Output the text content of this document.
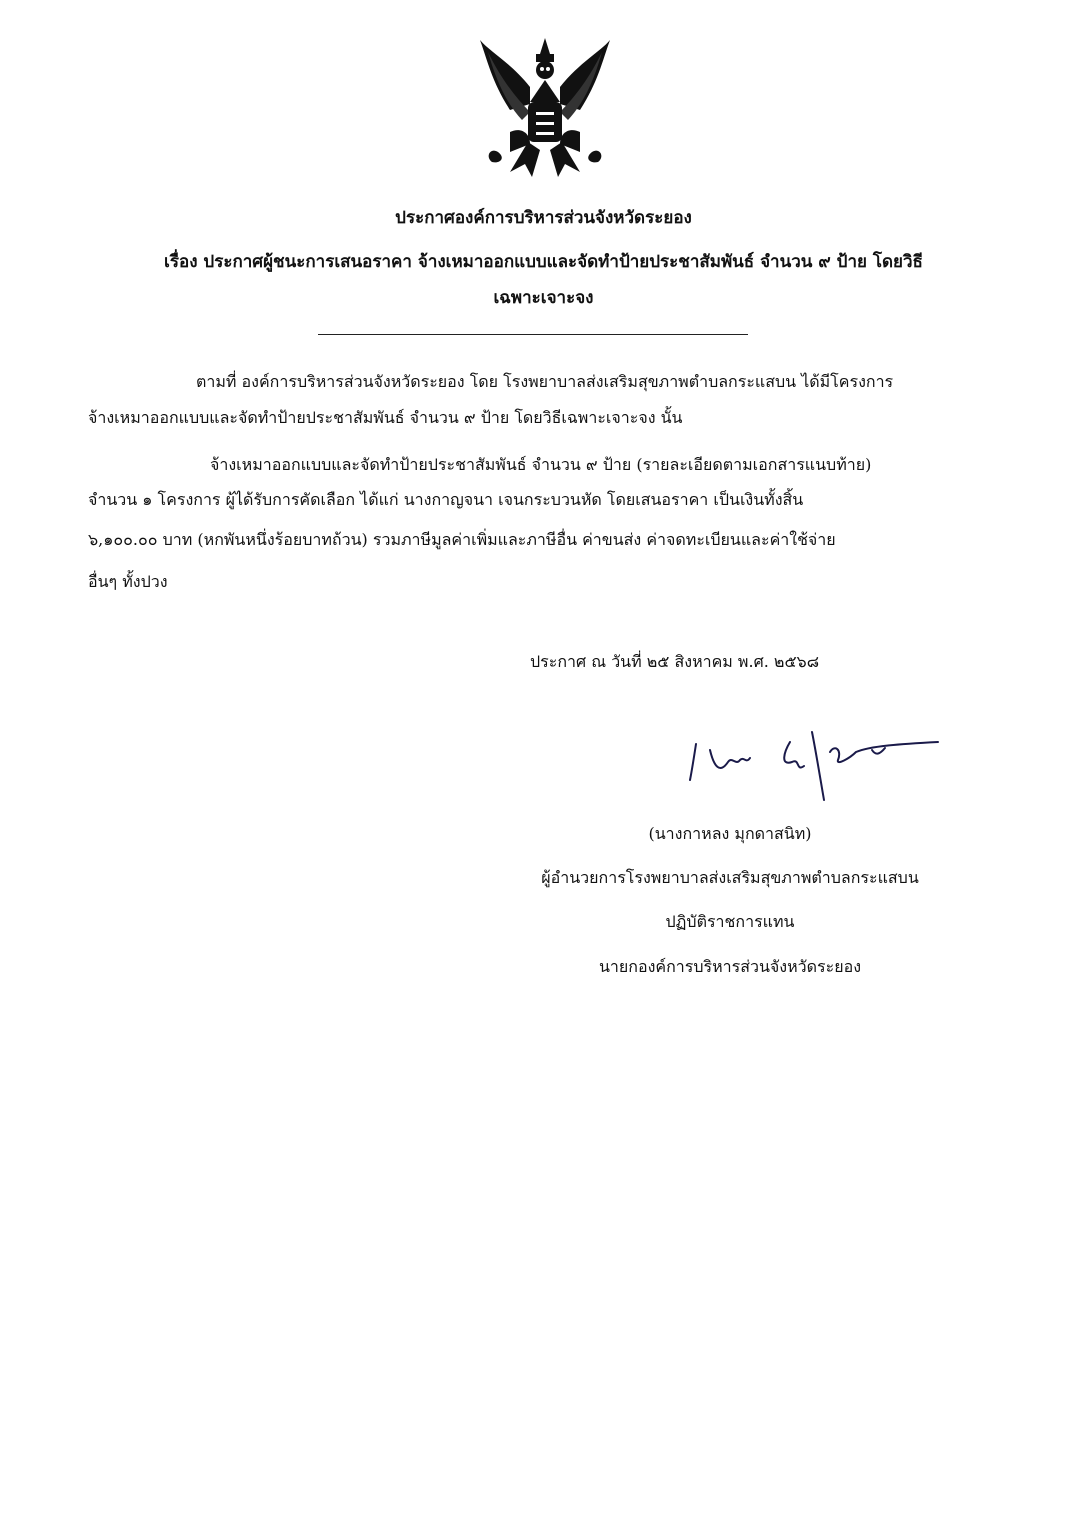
ประกาศองค์การบริหารส่วนจังหวัดระยอง
เรื่อง ประกาศผู้ชนะการเสนอราคา จ้างเหมาออกแบบและจัดทำป้ายประชาสัมพันธ์ จำนวน ๙ ป้าย โดยวิธี
เฉพาะเจาะจง
ตามที่ องค์การบริหารส่วนจังหวัดระยอง โดย โรงพยาบาลส่งเสริมสุขภาพตำบลกระแสบน ได้มีโครงการ
จ้างเหมาออกแบบและจัดทำป้ายประชาสัมพันธ์ จำนวน ๙ ป้าย โดยวิธีเฉพาะเจาะจง นั้น
จ้างเหมาออกแบบและจัดทำป้ายประชาสัมพันธ์ จำนวน ๙ ป้าย (รายละเอียดตามเอกสารแนบท้าย)
จำนวน ๑ โครงการ ผู้ได้รับการคัดเลือก ได้แก่ นางกาญจนา เจนกระบวนหัด โดยเสนอราคา เป็นเงินทั้งสิ้น
๖,๑๐๐.๐๐ บาท (หกพันหนึ่งร้อยบาทถ้วน) รวมภาษีมูลค่าเพิ่มและภาษีอื่น ค่าขนส่ง ค่าจดทะเบียนและค่าใช้จ่าย
อื่นๆ ทั้งปวง
ประกาศ ณ วันที่ ๒๕ สิงหาคม พ.ศ. ๒๕๖๘
(นางกาหลง มุกดาสนิท)
ผู้อำนวยการโรงพยาบาลส่งเสริมสุขภาพตำบลกระแสบน
ปฏิบัติราชการแทน
นายกองค์การบริหารส่วนจังหวัดระยอง
